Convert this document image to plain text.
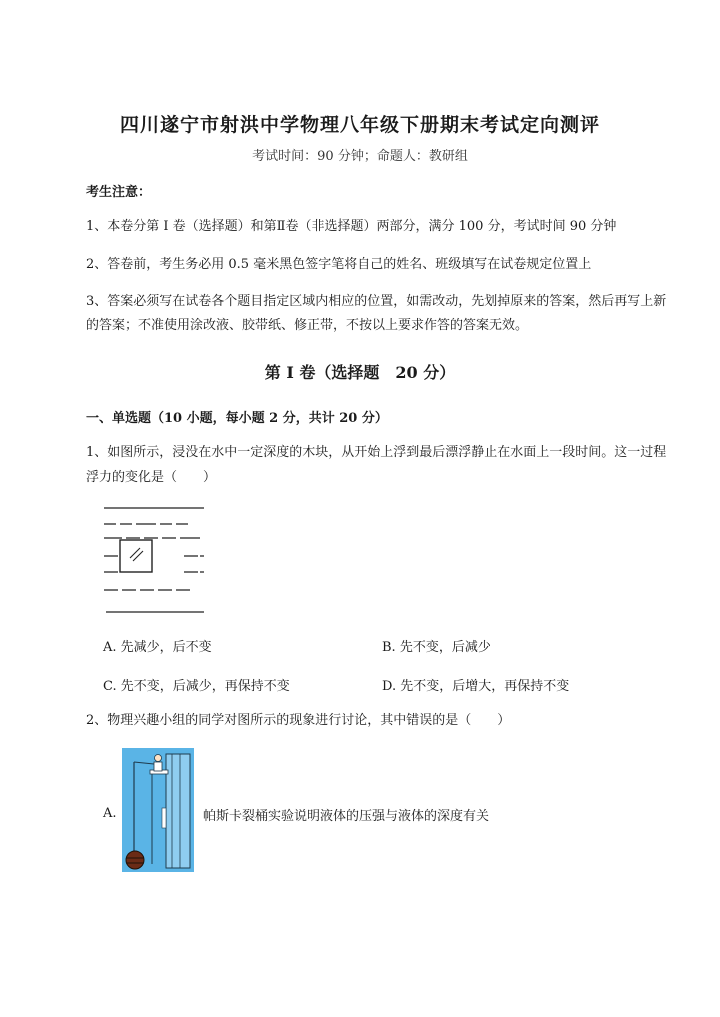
四川遂宁市射洪中学物理八年级下册期末考试定向测评
考试时间：90 分钟；命题人：教研组
考生注意：
1、本卷分第 I 卷（选择题）和第Ⅱ卷（非选择题）两部分，满分 100 分，考试时间 90 分钟
2、答卷前，考生务必用 0.5 毫米黑色签字笔将自己的姓名、班级填写在试卷规定位置上
3、答案必须写在试卷各个题目指定区域内相应的位置，如需改动，先划掉原来的答案，然后再写上新
的答案；不准使用涂改液、胶带纸、修正带，不按以上要求作答的答案无效。
第 I 卷（选择题　20 分）
一、单选题（10 小题，每小题 2 分，共计 20 分）
1、如图所示，浸没在水中一定深度的木块，从开始上浮到最后漂浮静止在水面上一段时间。这一过程
浮力的变化是（　　）
A. 先减少，后不变	B. 先不变，后减少
C. 先不变，后减少，再保持不变	D. 先不变，后增大，再保持不变
2、物理兴趣小组的同学对图所示的现象进行讨论，其中错误的是（　　）
A.	帕斯卡裂桶实验说明液体的压强与液体的深度有关
